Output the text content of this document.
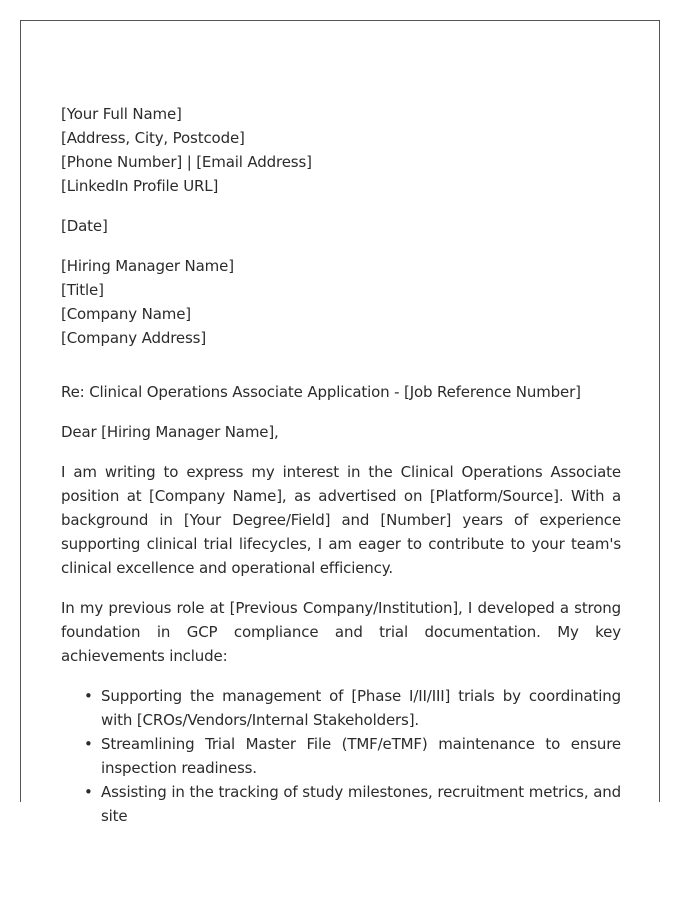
[Your Full Name]

[Address, City, Postcode]

[Phone Number] | [Email Address]

[LinkedIn Profile URL]

[Date]

[Hiring Manager Name]

[Title]

[Company Name]

[Company Address]

Re: Clinical Operations Associate Application - [Job Reference Number]

Dear [Hiring Manager Name],

I am writing to express my interest in the Clinical Operations Associate position at [Company Name], as advertised on [Platform/Source]. With a background in [Your Degree/Field] and [Number] years of experience supporting clinical trial lifecycles, I am eager to contribute to your team's clinical excellence and operational efficiency.

In my previous role at [Previous Company/Institution], I developed a strong foundation in GCP compliance and trial documentation. My key achievements include:

• Supporting the management of [Phase I/II/III] trials by coordinating with [CROs/Vendors/Internal Stakeholders].
• Streamlining Trial Master File (TMF/eTMF) maintenance to ensure inspection readiness.
• Assisting in the tracking of study milestones, recruitment metrics, and site
